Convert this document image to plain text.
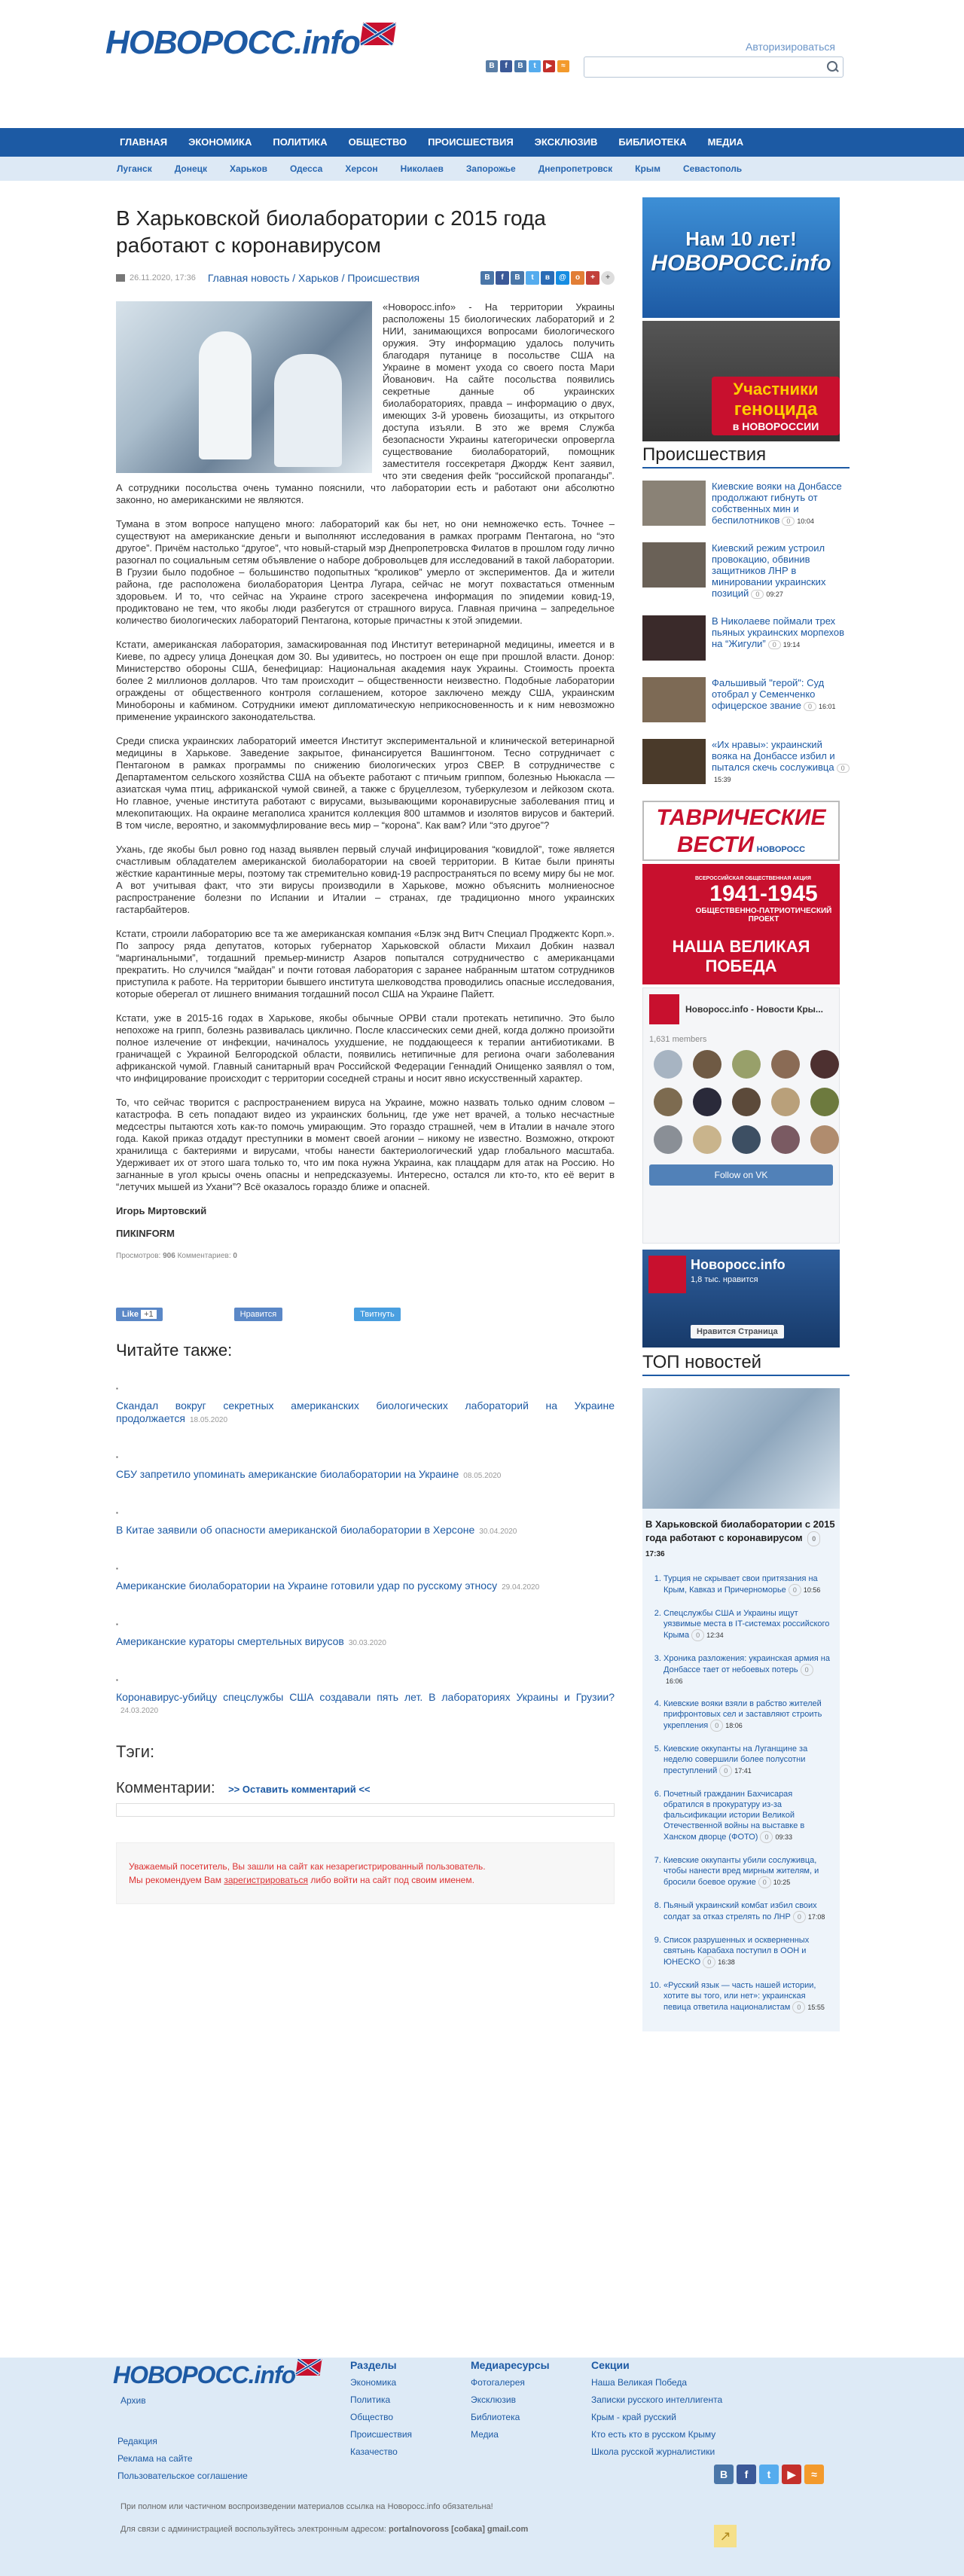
НОВОРОСС.info	Авторизироваться
В	f	В	t	▶	≈
ГЛАВНАЯ	ЭКОНОМИКА	ПОЛИТИКА	ОБЩЕСТВО	ПРОИСШЕСТВИЯ	ЭКСКЛЮЗИВ	БИБЛИОТЕКА	МЕДИА
Луганск	Донецк	Харьков	Одесса	Херсон	Николаев	Запорожье	Днепропетровск	Крым	Севастополь
В Харьковской биолаборатории с 2015 года работают с коронавирусом
26.11.2020, 17:36 Главная новость / Харьков / Происшествия	В	f	В	t	в	@	о	+	+

«Новоросс.info» - На территории Украины расположены 15 биологических лабораторий и 2 НИИ, занимающихся вопросами биологического оружия. Эту информацию удалось получить благодаря путанице в посольстве США на Украине в момент ухода со своего поста Мари Йованович. На сайте посольства появились секретные данные об украинских биолабораториях, правда – информацию о двух, имеющих 3-й уровень биозащиты, из открытого доступа изъяли. В это же время Служба безопасности Украины категорически опровергла существование биолабораторий, помощник заместителя госсекретаря Джордж Кент заявил, что эти сведения фейк “российской пропаганды”. А сотрудники посольства очень туманно пояснили, что лаборатории есть и работают они абсолютно законно, но американскими не являются.

Тумана в этом вопросе напущено много: лабораторий как бы нет, но они немножечко есть. Точнее – существуют на американские деньги и выполняют исследования в рамках программ Пентагона, но “это другое”. Причём настолько “другое”, что новый-старый мэр Днепропетровска Филатов в прошлом году лично разогнал по социальным сетям объявление о наборе добровольцев для исследований в такой лаборатории. В Грузии было подобное – большинство подопытных “кроликов” умерло от экспериментов. Да и жители района, где расположена биолаборатория Центра Лугара, сейчас не могут похвастаться отменным здоровьем. И то, что сейчас на Украине строго засекречена информация по эпидемии ковид-19, продиктовано не тем, что якобы люди разбегутся от страшного вируса. Главная причина – запредельное количество биологических лабораторий Пентагона, которые причастны к этой эпидемии.

Кстати, американская лаборатория, замаскированная под Институт ветеринарной медицины, имеется и в Киеве, по адресу улица Донецкая дом 30. Вы удивитесь, но построен он еще при прошлой власти. Донор: Министерство обороны США, бенефициар: Национальная академия наук Украины. Стоимость проекта более 2 миллионов долларов. Что там происходит – общественности неизвестно. Подобные лаборатории ограждены от общественного контроля соглашением, которое заключено между США, украинским Минобороны и кабмином. Сотрудники имеют дипломатическую неприкосновенность и к ним невозможно применение украинского законодательства.

Среди списка украинских лабораторий имеется Институт экспериментальной и клинической ветеринарной медицины в Харькове. Заведение закрытое, финансируется Вашингтоном. Тесно сотрудничает с Пентагоном в рамках программы по снижению биологических угроз СВЕР. В сотрудничестве с Департаментом сельского хозяйства США на объекте работают с птичьим гриппом, болезнью Ньюкасла — азиатская чума птиц, африканской чумой свиней, а также с бруцеллезом, туберкулезом и лейкозом скота. Но главное, ученые института работают с вирусами, вызывающими коронавирусные заболевания птиц и млекопитающих. На окраине мегаполиса хранится коллекция 800 штаммов и изолятов вирусов и бактерий. В том числе, вероятно, и закоммуфлирование весь мир – “корона”. Как вам? Или “это другое”?

Ухань, где якобы был ровно год назад выявлен первый случай инфицирования “ковидлой”, тоже является счастливым обладателем американской биолаборатории на своей территории. В Китае были приняты жёсткие карантинные меры, поэтому так стремительно ковид-19 распространяться по всему миру бы не мог. А вот учитывая факт, что эти вирусы производили в Харькове, можно объяснить молниеносное распространение болезни по Испании и Италии – странах, где традиционно много украинских гастарбайтеров.

Кстати, строили лабораторию все та же американская компания «Блэк энд Витч Специал Проджектс Корп.». По запросу ряда депутатов, которых губернатор Харьковской области Михаил Добкин назвал “маргинальными”, тогдашний премьер-министр Азаров попытался сотрудничество с американцами прекратить. Но случился “майдан” и почти готовая лаборатория с заранее набранным штатом сотрудников приступила к работе. На территории бывшего института шелководства проводились опасные исследования, которые оберегал от лишнего внимания тогдашний посол США на Украине Пайетт.

Кстати, уже в 2015-16 годах в Харькове, якобы обычные ОРВИ стали протекать нетипично. Это было непохоже на грипп, болезнь развивалась циклично. После классических семи дней, когда должно произойти полное излечение от инфекции, начиналось ухудшение, не поддающееся к терапии антибиотиками. В граничащей с Украиной Белгородской области, появились нетипичные для региона очаги заболевания африканской чумой. Главный санитарный врач Российской Федерации Геннадий Онищенко заявлял о том, что инфицирование происходит с территории соседней страны и носит явно искусственный характер.

То, что сейчас творится с распространением вируса на Украине, можно назвать только одним словом – катастрофа. В сеть попадают видео из украинских больниц, где уже нет врачей, а только несчастные медсестры пытаются хоть как-то помочь умирающим. Это гораздо страшней, чем в Италии в начале этого года. Какой приказ отдадут преступники в момент своей агонии – никому не известно. Возможно, откроют хранилища с бактериями и вирусами, чтобы нанести бактериологический удар глобального масштаба. Удерживает их от этого шага только то, что им пока нужна Украина, как плацдарм для атак на Россию. Но загнанные в угол крысы очень опасны и непредсказуемы. Интересно, остался ли кто-то, кто её верит в “летучих мышей из Ухани”? Всё оказалось гораздо ближе и опасней.

Игорь Миртовский
ПИКINFORM
Просмотров: 906 Комментариев: 0
Like +1	Нравится	Твитнуть
Читайте также:
▪
Скандал вокруг секретных американских биологических лабораторий на Украине продолжается 18.05.2020
▪
СБУ запретило упоминать американские биолаборатории на Украине 08.05.2020
▪
В Китае заявили об опасности американской биолаборатории в Херсоне 30.04.2020
▪
Американские биолаборатории на Украине готовили удар по русскому этносу 29.04.2020
▪
Американские кураторы смертельных вирусов 30.03.2020
▪
Коронавирус-убийцу спецслужбы США создавали пять лет. В лабораториях Украины и Грузии?24.03.2020
Тэги:
Комментарии: >> Оставить комментарий <<
Уважаемый посетитель, Вы зашли на сайт как незарегистрированный пользователь.
Мы рекомендуем Вам зарегистрироваться либо войти на сайт под своим именем.
Нам 10 лет!
НОВОРОСС.info
Участники
геноцида
в НОВОРОССИИ
Происшествия
Киевские вояки на Донбассе продолжают гибнуть от собственных мин и беспилотников 0 10:04
Киевский режим устроил провокацию, обвинив защитников ЛНР в минировании украинских позиций 0 09:27
В Николаеве поймали трех пьяных украинских морпехов на “Жигули” 0 19:14
Фальшивый "герой": Суд отобрал у Семенченко офицерское звание 0 16:01
«Их нравы»: украинский вояка на Донбассе избил и пытался скечь сослуживца 015:39
ТАВРИЧЕСКИЕ
ВЕСТИ НОВОРОСС
ВСЕРОССИЙСКАЯ ОБЩЕСТВЕННАЯ АКЦИЯ
1941-1945
ОБЩЕСТВЕННО-ПАТРИОТИЧЕСКИЙ ПРОЕКТ
НАША ВЕЛИКАЯ ПОБЕДА
Новоросс.info - Новости Кры...
1,631 members
Follow on VK
Новоросс.info
1,8 тыс. нравится
Нравится Страница
ТОП новостей
В Харьковской биолаборатории с 2015 года работают с коронавирусом 0 17:36
1. Турция не скрывает свои притязания на Крым, Кавказ и Причерноморье 0 10:56
2. Спецслужбы США и Украины ищут уязвимые места в IT-системах российского Крыма 0 12:34
3. Хроника разложения: украинская армия на Донбассе тает от небоевых потерь 016:06
4. Киевские вояки взяли в рабство жителей прифронтовых сел и заставляют строить укрепления 0 18:06
5. Киевские оккупанты на Луганщине за неделю совершили более полусотни преступлений 0 17:41
6. Почетный гражданин Бахчисарая обратился в прокуратуру из-за фальсификации истории Великой Отечественной войны на выставке в Ханском дворце (ФОТО) 0 09:33
7. Киевские оккупанты убили сослуживца, чтобы нанести вред мирным жителям, и бросили боевое оружие 0 10:25
8. Пьяный украинский комбат избил своих солдат за отказ стрелять по ЛНР 0 17:08
9. Список разрушенных и оскверненных святынь Карабаха поступил в ООН и ЮНЕСКО 0 16:38
10. «Русский язык — часть нашей истории, хотите вы того, или нет»: украинская певица ответила националистам 0 15:55
НОВОРОСС.info
Архив
Редакция
Реклама на сайте
Пользовательское соглашение
Разделы
Экономика
Политика
Общество
Происшествия
Казачество
Медиаресурсы
Фотогалерея
Эксклюзив
Библиотека
Медиа
Секции
Наша Великая Победа
Записки русского интеллигента
Крым - край русский
Кто есть кто в русском Крыму
Школа русской журналистики
В	f	t	▶	≈
При полном или частичном воспроизведении материалов ссылка на Новоросс.info обязательна!
Для связи с администрацией воспользуйтесь электронным адресом: portalnovoross [собака] gmail.com	↗
